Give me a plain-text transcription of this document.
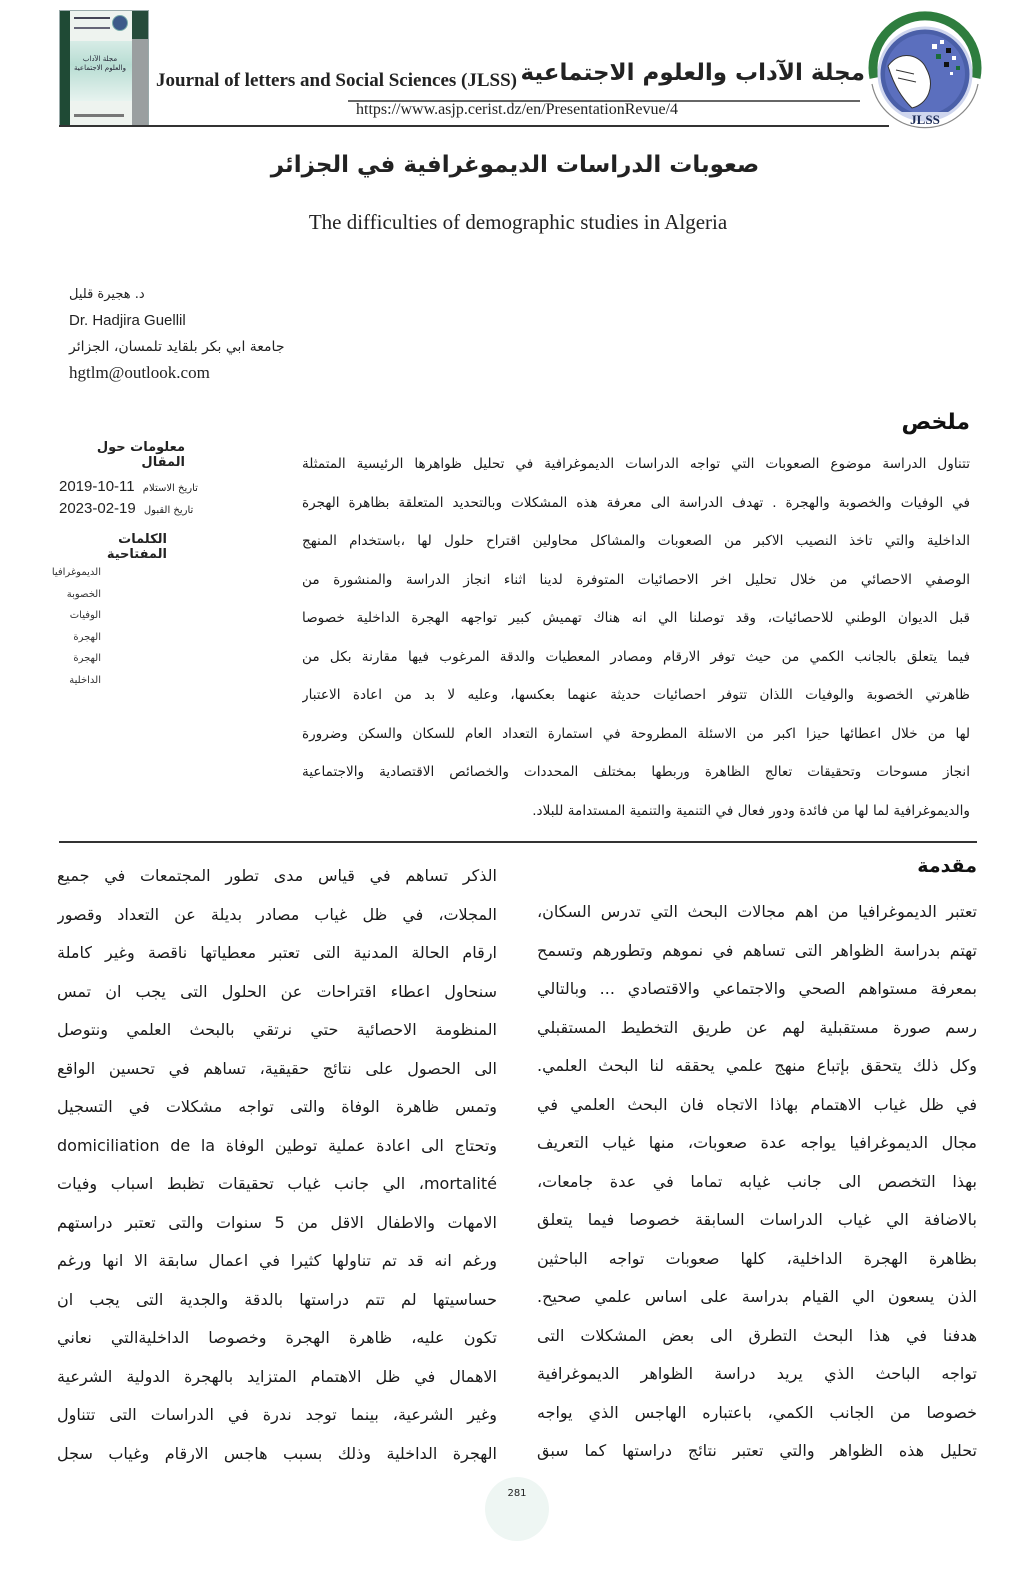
مجلة الآداب والعلوم الاجتماعية
Journal of letters and Social Sciences (JLSS) مجلة الآداب والعلوم الاجتماعية
https://www.asjp.cerist.dz/en/PresentationRevue/4
JLSS
صعوبات الدراسات الديموغرافية في الجزائر
The difficulties of demographic studies in Algeria
د. هجيرة قليل
Dr. Hadjira Guellil
جامعة ابي بكر بلقايد تلمسان، الجزائر
hgtlm@outlook.com
معلومات حول المقال
2019-10-11 تاريخ الاستلام
2023-02-19 تاريخ القبول
الكلمات المفتاحية
الديموغرافيا
الخصوبة
الوفيات
الهجرة
الهجرة
الداخلية
ملخص
تتناول الدراسة موضوع الصعوبات التي تواجه الدراسات الديموغرافية في تحليل ظواهرها الرئيسية المتمثلة
في الوفيات والخصوبة والهجرة . تهدف الدراسة الى معرفة هذه المشكلات وبالتحديد المتعلقة بظاهرة الهجرة
الداخلية والتي تاخذ النصيب الاكبر من الصعوبات والمشاكل محاولين اقتراح حلول لها ،باستخدام المنهج
الوصفي الاحصائي من خلال تحليل اخر الاحصائيات المتوفرة لدينا اثناء انجاز الدراسة والمنشورة من
قبل الديوان الوطني للاحصائيات، وقد توصلنا الي انه هناك تهميش كبير تواجهه الهجرة الداخلية خصوصا
فيما يتعلق بالجانب الكمي من حيث توفر الارقام ومصادر المعطيات والدقة المرغوب فيها مقارنة بكل من
ظاهرتي الخصوبة والوفيات اللذان تتوفر احصائيات حديثة عنهما بعكسها، وعليه لا بد من اعادة الاعتبار
لها من خلال اعطائها حيزا اكبر من الاسئلة المطروحة في استمارة التعداد العام للسكان والسكن وضرورة
انجاز مسوحات وتحقيقات تعالج الظاهرة وربطها بمختلف المحددات والخصائص الاقتصادية والاجتماعية
والديموغرافية لما لها من فائدة ودور فعال في التنمية والتنمية المستدامة للبلاد.
مقدمة
تعتبر الديموغرافيا من اهم مجالات البحث التي تدرس السكان،
تهتم بدراسة الظواهر التى تساهم في نموهم وتطورهم وتسمح
بمعرفة مستواهم الصحي والاجتماعي والاقتصادي ... وبالتالي
رسم صورة مستقبلية لهم عن طريق التخطيط المستقبلي
وكل ذلك يتحقق بإتباع منهج علمي يحققه لنا البحث العلمي.
في ظل غياب الاهتمام بهاذا الاتجاه فان البحث العلمي في
مجال الديموغرافيا يواجه عدة صعوبات، منها غياب التعريف
بهذا التخصص الى جانب غيابه تماما في عدة جامعات،
بالاضافة الي غياب الدراسات السابقة خصوصا فيما يتعلق
بظاهرة الهجرة الداخلية، كلها صعوبات تواجه الباحثين
الذن يسعون الي القيام بدراسة على اساس علمي صحيح.
هدفنا في هذا البحث التطرق الى بعض المشكلات التى
تواجه الباحث الذي يريد دراسة الظواهر الديموغرافية
خصوصا من الجانب الكمي، باعتباره الهاجس الذي يواجه
تحليل هذه الظواهر والتي تعتبر نتائج دراستها كما سبق
الذكر تساهم في قياس مدى تطور المجتمعات في جميع
المجلات، في ظل غياب مصادر بديلة عن التعداد وقصور
ارقام الحالة المدنية التى تعتبر معطياتها ناقصة وغير كاملة
سنحاول اعطاء اقتراحات عن الحلول التى يجب ان تمس
المنظومة الاحصائية حتي نرتقي بالبحث العلمي ونتوصل
الى الحصول على نتائج حقيقية، تساهم في تحسين الواقع
وتمس ظاهرة الوفاة والتى تواجه مشكلات في التسجيل
وتحتاج الى اعادة عملية توطين الوفاة domiciliation de la
mortalité، الي جانب غياب تحقيقات تظبط اسباب وفيات
الامهات والاطفال الاقل من 5 سنوات والتى تعتبر دراستهم
ورغم انه قد تم تناولها كثيرا في اعمال سابقة الا انها ورغم
حساسيتها لم تتم دراستها بالدقة والجدية التى يجب ان
تكون عليه، ظاهرة الهجرة وخصوصا الداخليةالتي نعاني
الاهمال في ظل الاهتمام المتزايد بالهجرة الدولية الشرعية
وغير الشرعية، بينما توجد ندرة في الدراسات التى تتناول
الهجرة الداخلية وذلك بسبب هاجس الارقام وغياب سجل
281
